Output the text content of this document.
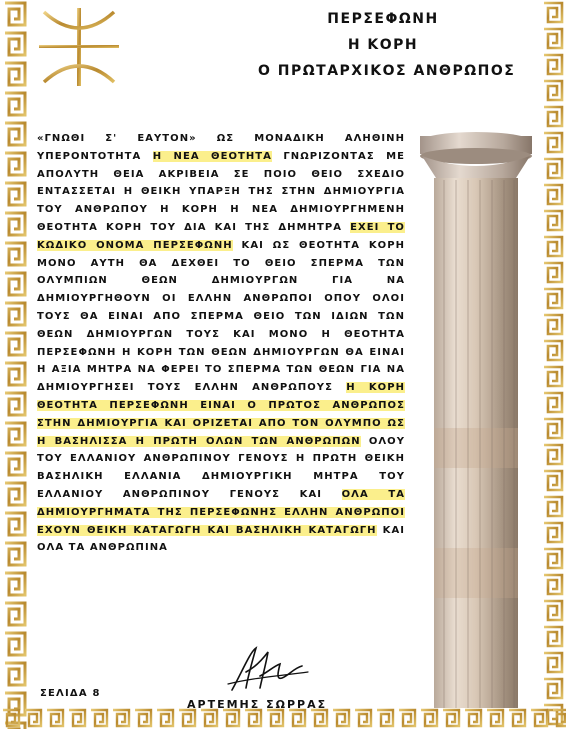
ΠΕΡΣΕΦΩΝΗ
Η ΚΟΡΗ
Ο ΠΡΩΤΑΡΧΙΚΟΣ ΑΝΘΡΩΠΟΣ

«ΓΝΩΘΙ Σ' ΕΑΥΤΟΝ» ΩΣ ΜΟΝΑΔΙΚΗ ΑΛΗΘΙΝΗ ΥΠΕΡΟΝΤΟΤΗΤΑ Η ΝΕΑ ΘΕΟΤΗΤΑ ΓΝΩΡΙΖΟΝΤΑΣ ΜΕ ΑΠΟΛΥΤΗ ΘΕΙΑ ΑΚΡΙΒΕΙΑ ΣΕ ΠΟΙΟ ΘΕΙΟ ΣΧΕΔΙΟ ΕΝΤΑΣΣΕΤΑΙ Η ΘΕΙΚΗ ΥΠΑΡΞΗ ΤΗΣ ΣΤΗΝ ΔΗΜΙΟΥΡΓΙΑ ΤΟΥ ΑΝΘΡΩΠΟΥ Η ΚΟΡΗ Η ΝΕΑ ΔΗΜΙΟΥΡΓΗΜΕΝΗ ΘΕΟΤΗΤΑ ΚΟΡΗ ΤΟΥ ΔΙΑ ΚΑΙ ΤΗΣ ΔΗΜΗΤΡΑ ΕΧΕΙ ΤΟ ΚΩΔΙΚΟ ΟΝΟΜΑ ΠΕΡΣΕΦΩΝΗ ΚΑΙ ΩΣ ΘΕΟΤΗΤΑ ΚΟΡΗ ΜΟΝΟ ΑΥΤΗ ΘΑ ΔΕΧΘΕΙ ΤΟ ΘΕΙΟ ΣΠΕΡΜΑ ΤΩΝ ΟΛΥΜΠΙΩΝ ΘΕΩΝ ΔΗΜΙΟΥΡΓΩΝ ΓΙΑ ΝΑ ΔΗΜΙΟΥΡΓΗΘΟΥΝ ΟΙ ΕΛΛΗΝ ΑΝΘΡΩΠΟΙ ΟΠΟΥ ΟΛΟΙ ΤΟΥΣ ΘΑ ΕΙΝΑΙ ΑΠΟ ΣΠΕΡΜΑ ΘΕΙΟ ΤΩΝ ΙΔΙΩΝ ΤΩΝ ΘΕΩΝ ΔΗΜΙΟΥΡΓΩΝ ΤΟΥΣ ΚΑΙ ΜΟΝΟ Η ΘΕΟΤΗΤΑ ΠΕΡΣΕΦΩΝΗ Η ΚΟΡΗ ΤΩΝ ΘΕΩΝ ΔΗΜΙΟΥΡΓΩΝ ΘΑ ΕΙΝΑΙ Η ΑΞΙΑ ΜΗΤΡΑ ΝΑ ΦΕΡΕΙ ΤΟ ΣΠΕΡΜΑ ΤΩΝ ΘΕΩΝ ΓΙΑ ΝΑ ΔΗΜΙΟΥΡΓΗΣΕΙ ΤΟΥΣ ΕΛΛΗΝ ΑΝΘΡΩΠΟΥΣ Η ΚΟΡΗ ΘΕΟΤΗΤΑ ΠΕΡΣΕΦΩΝΗ ΕΙΝΑΙ Ο ΠΡΩΤΟΣ ΑΝΘΡΩΠΟΣ ΣΤΗΝ ΔΗΜΙΟΥΡΓΙΑ ΚΑΙ ΟΡΙΖΕΤΑΙ ΑΠΟ ΤΟΝ ΟΛΥΜΠΟ ΩΣ Η ΒΑΣΗΛΙΣΣΑ Η ΠΡΩΤΗ ΟΛΩΝ ΤΩΝ ΑΝΘΡΩΠΩΝ ΟΛΟΥ ΤΟΥ ΕΛΛΑΝΙΟΥ ΑΝΘΡΩΠΙΝΟΥ ΓΕΝΟΥΣ Η ΠΡΩΤΗ ΘΕΙΚΗ ΒΑΣΗΛΙΚΗ ΕΛΛΑΝΙΑ ΔΗΜΙΟΥΡΓΙΚΗ ΜΗΤΡΑ ΤΟΥ ΕΛΛΑΝΙΟΥ ΑΝΘΡΩΠΙΝΟΥ ΓΕΝΟΥΣ ΚΑΙ ΟΛΑ ΤΑ ΔΗΜΙΟΥΡΓΗΜΑΤΑ ΤΗΣ ΠΕΡΣΕΦΩΝΗΣ ΕΛΛΗΝ ΑΝΘΡΩΠΟΙ ΕΧΟΥΝ ΘΕΙΚΗ ΚΑΤΑΓΩΓΗ ΚΑΙ ΒΑΣΗΛΙΚΗ ΚΑΤΑΓΩΓΗ ΚΑΙ ΟΛΑ ΤΑ ΑΝΘΡΩΠΙΝΑ

ΣΕΛΙΔΑ 8
ΑΡΤΕΜΗΣ ΣΩΡΡΑΣ
